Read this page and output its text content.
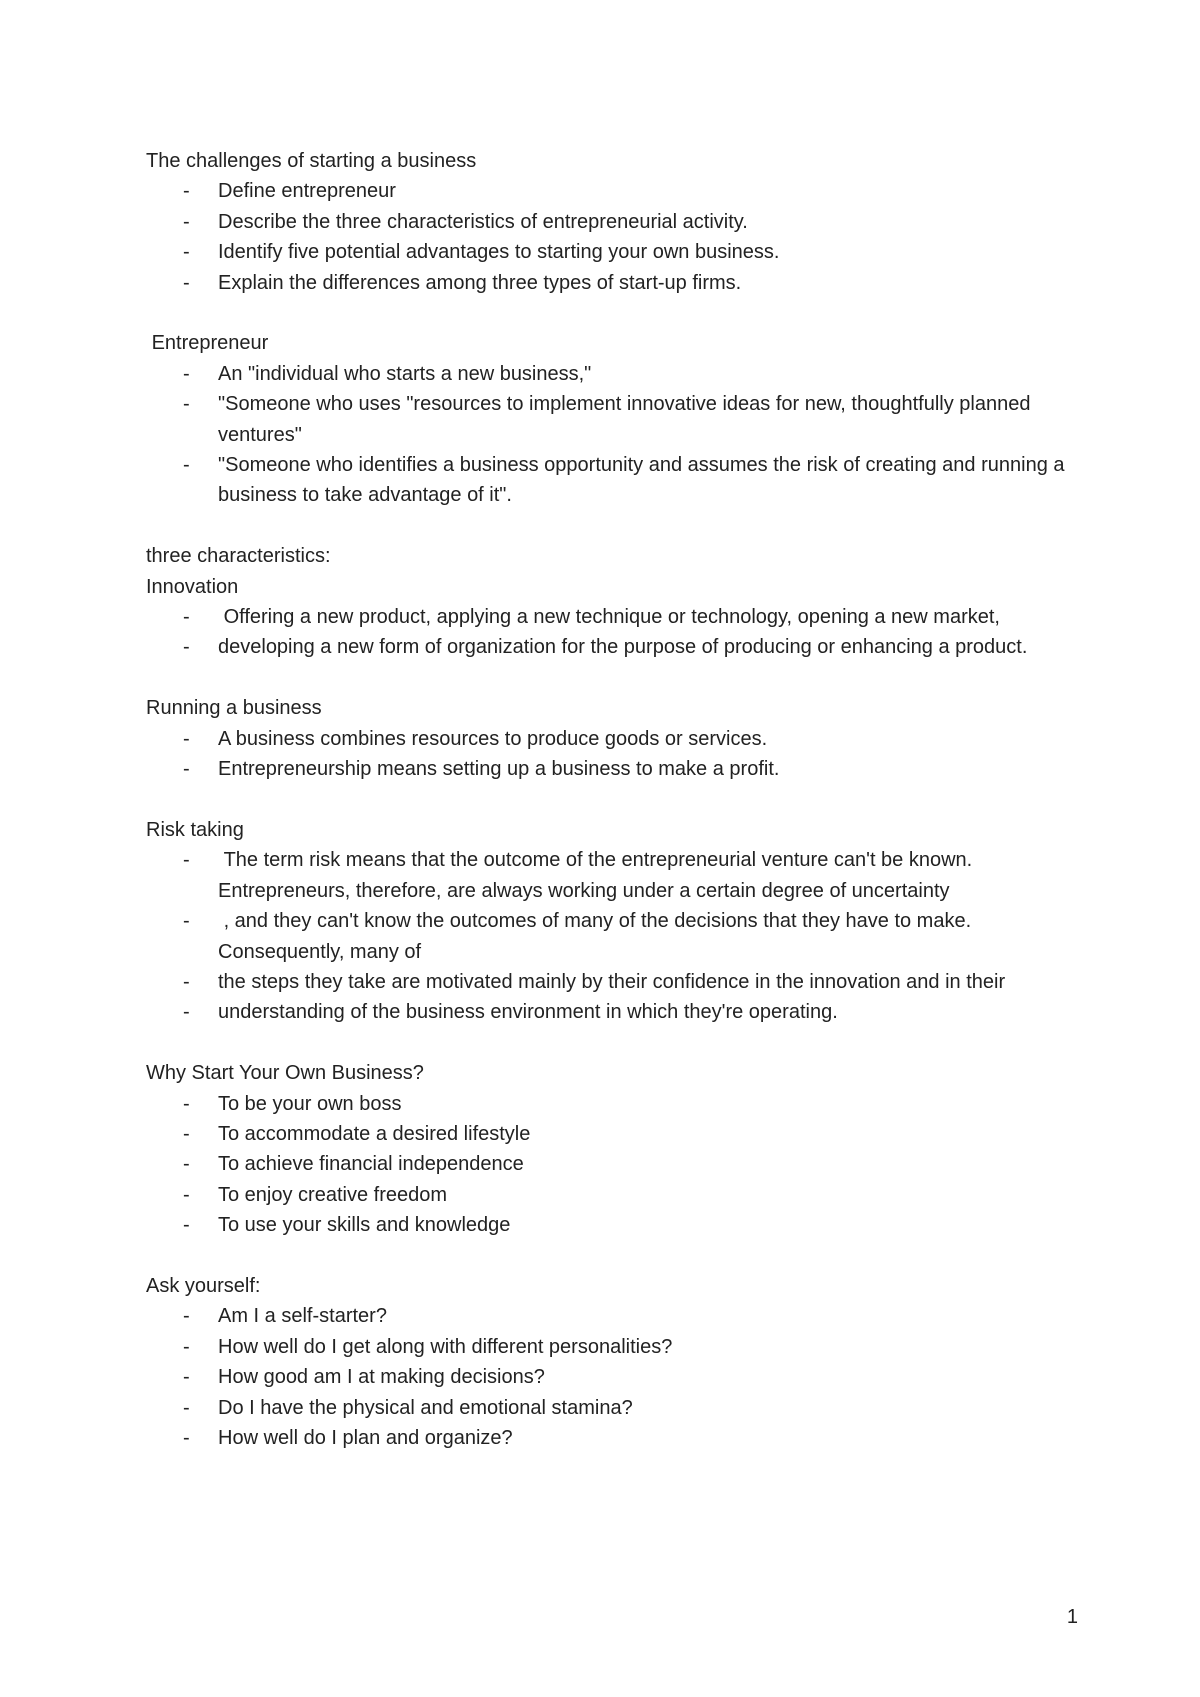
The challenges of starting a business
- Define entrepreneur
- Describe the three characteristics of entrepreneurial activity.
- Identify five potential advantages to starting your own business.
- Explain the differences among three types of start-up firms.
Entrepreneur
- An "individual who starts a new business,"
- "Someone who uses "resources to implement innovative ideas for new, thoughtfully planned ventures"
- "Someone who identifies a business opportunity and assumes the risk of creating and running a business to take advantage of it".
three characteristics:
Innovation
- Offering a new product, applying a new technique or technology, opening a new market,
- developing a new form of organization for the purpose of producing or enhancing a product.
Running a business
- A business combines resources to produce goods or services.
- Entrepreneurship means setting up a business to make a profit.
Risk taking
- The term risk means that the outcome of the entrepreneurial venture can't be known. Entrepreneurs, therefore, are always working under a certain degree of uncertainty
- , and they can't know the outcomes of many of the decisions that they have to make. Consequently, many of
- the steps they take are motivated mainly by their confidence in the innovation and in their
- understanding of the business environment in which they're operating.
Why Start Your Own Business?
- To be your own boss
- To accommodate a desired lifestyle
- To achieve financial independence
- To enjoy creative freedom
- To use your skills and knowledge
Ask yourself:
- Am I a self-starter?
- How well do I get along with different personalities?
- How good am I at making decisions?
- Do I have the physical and emotional stamina?
- How well do I plan and organize?
1
